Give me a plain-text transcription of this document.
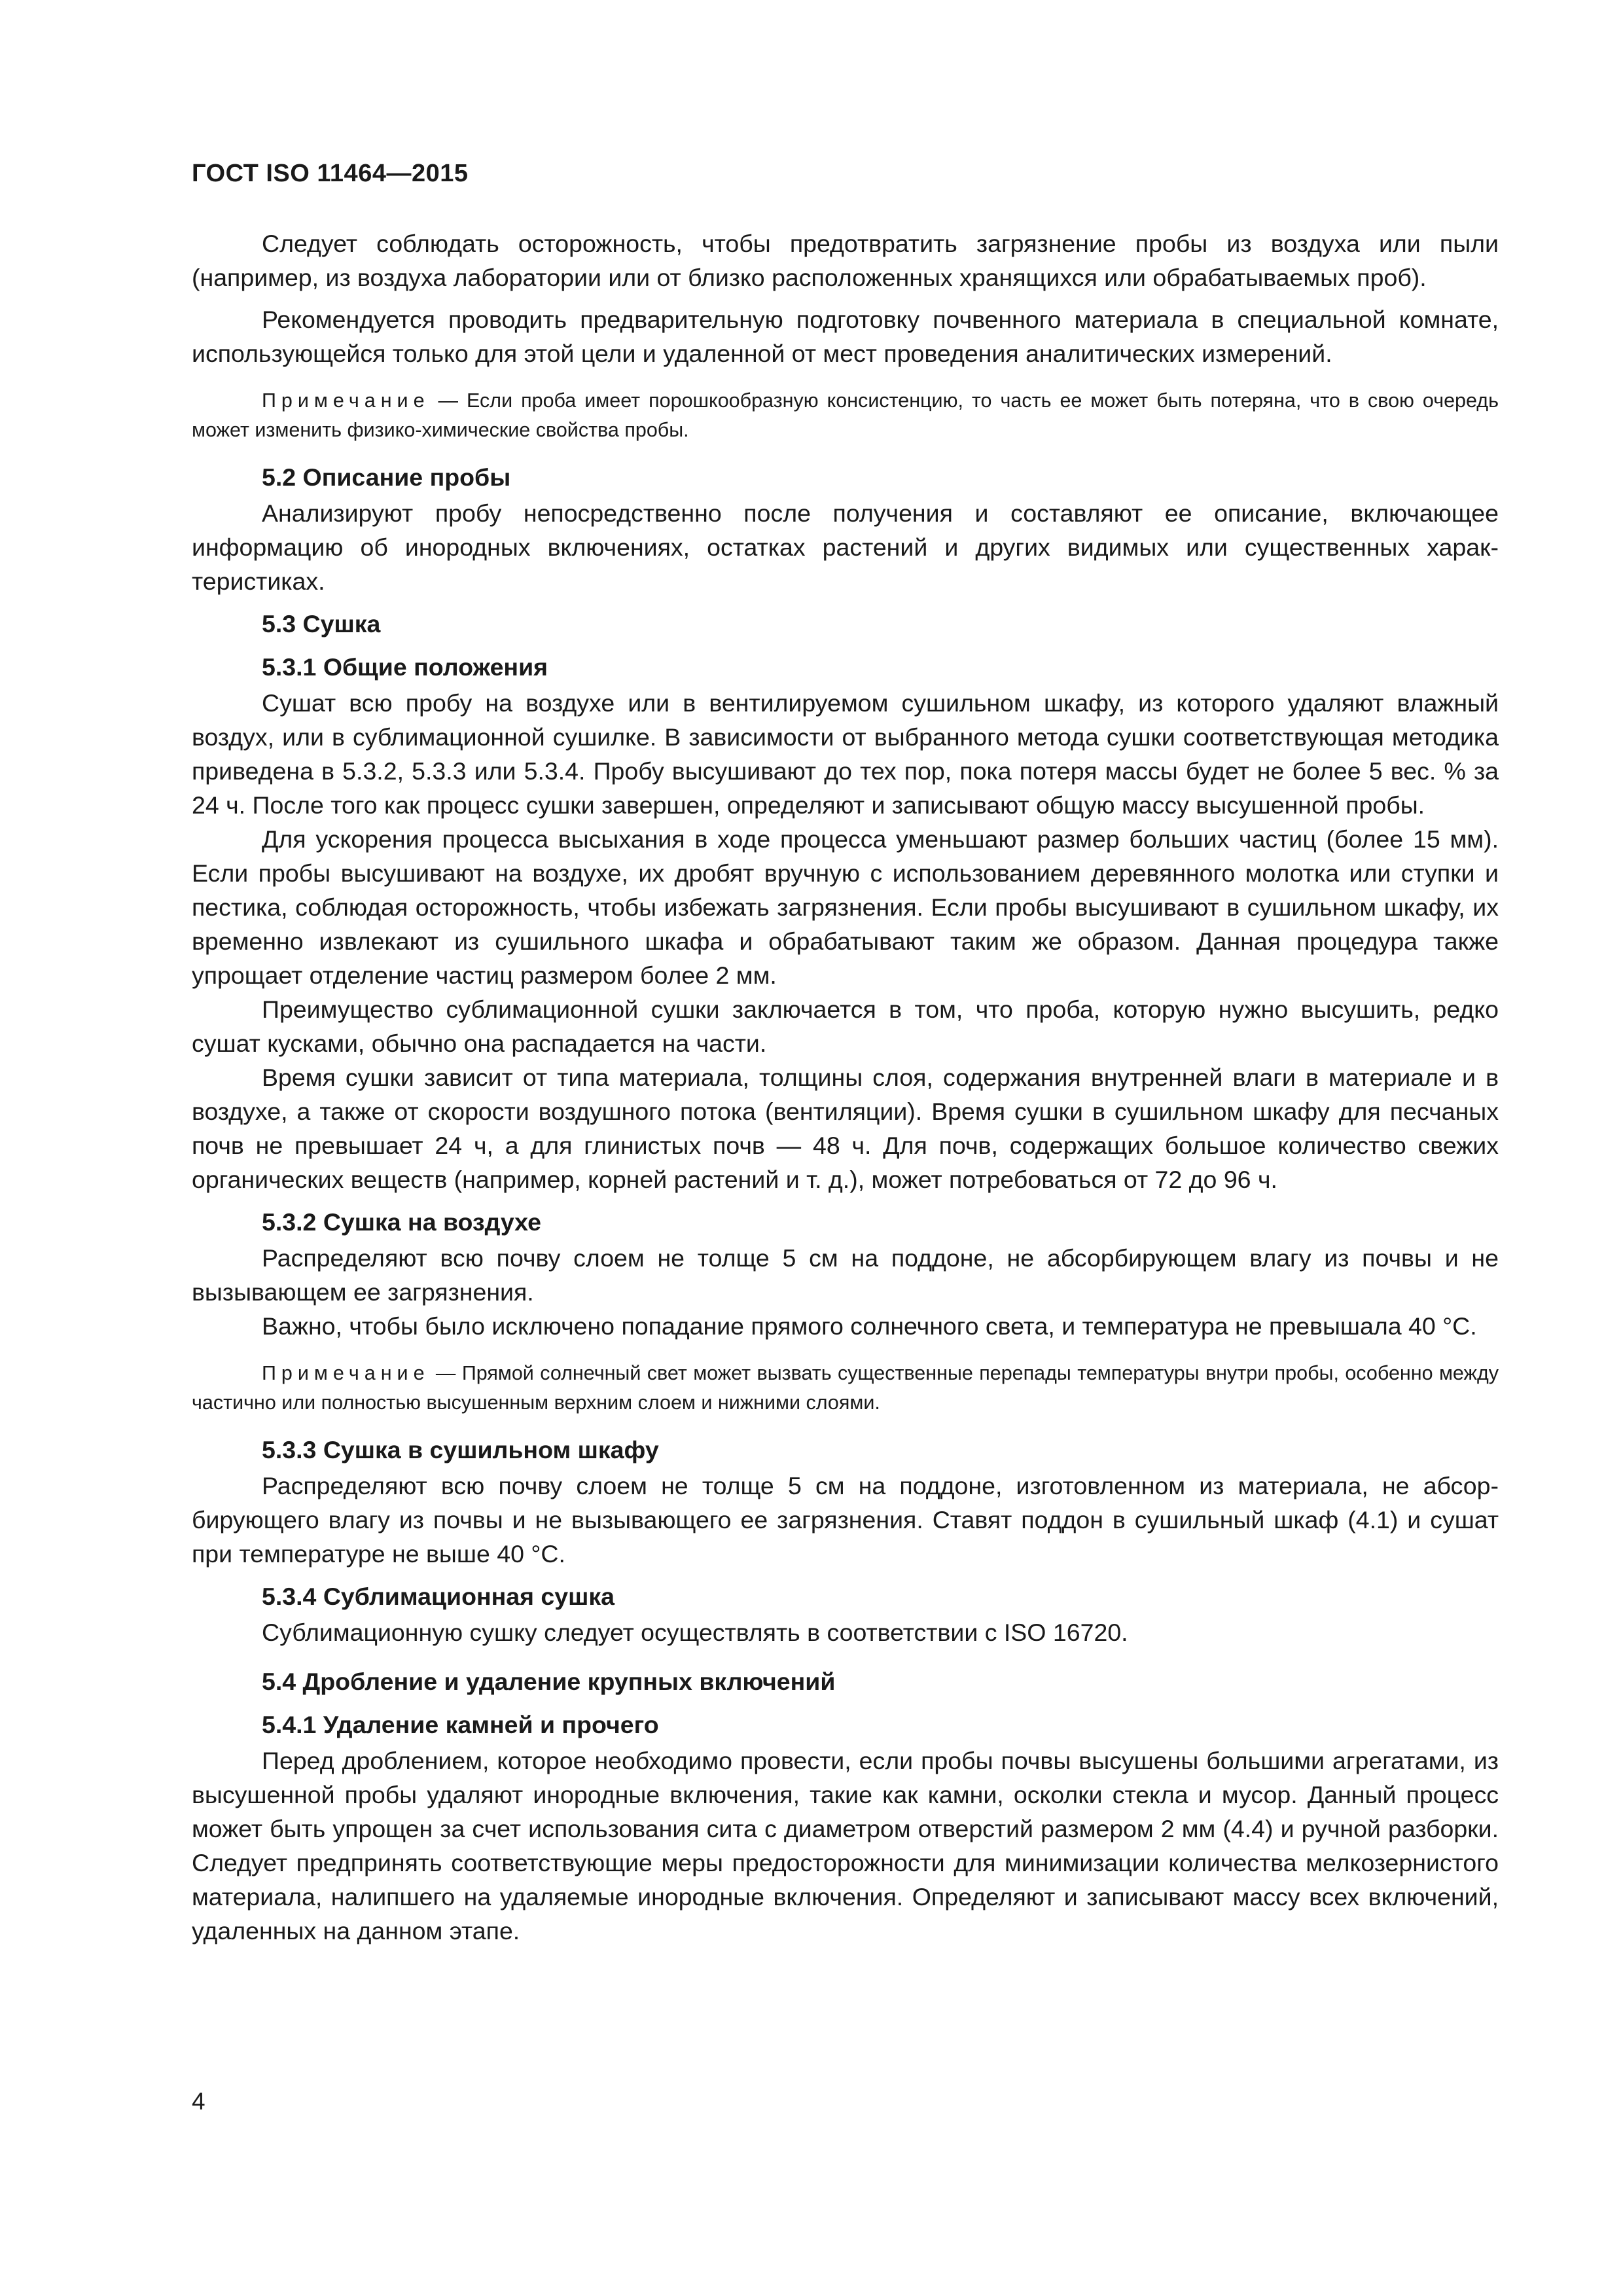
ГОСТ ISO 11464—2015

Следует соблюдать осторожность, чтобы предотвратить загрязнение пробы из воздуха или пыли (например, из воздуха лаборатории или от близко расположенных хранящихся или обрабатываемых проб).

Рекомендуется проводить предварительную подготовку почвенного материала в специальной комнате, использующейся только для этой цели и удаленной от мест проведения аналитических измерений.

Примечание — Если проба имеет порошкообразную консистенцию, то часть ее может быть потеряна, что в свою очередь может изменить физико-химические свойства пробы.
5.2 Описание пробы

Анализируют пробу непосредственно после получения и составляют ее описание, включающее информацию об инородных включениях, остатках растений и других видимых или существенных характеристиках.

5.3 Сушка
5.3.1 Общие положения

Сушат всю пробу на воздухе или в вентилируемом сушильном шкафу, из которого удаляют влажный воздух, или в сублимационной сушилке. В зависимости от выбранного метода сушки соответствующая методика приведена в 5.3.2, 5.3.3 или 5.3.4. Пробу высушивают до тех пор, пока потеря массы будет не более 5 вес. % за 24 ч. После того как процесс сушки завершен, определяют и записывают общую массу высушенной пробы.

Для ускорения процесса высыхания в ходе процесса уменьшают размер больших частиц (более 15 мм). Если пробы высушивают на воздухе, их дробят вручную с использованием деревянного молотка или ступки и пестика, соблюдая осторожность, чтобы избежать загрязнения. Если пробы высушивают в сушильном шкафу, их временно извлекают из сушильного шкафа и обрабатывают таким же образом. Данная процедура также упрощает отделение частиц размером более 2 мм.

Преимущество сублимационной сушки заключается в том, что проба, которую нужно высушить, редко сушат кусками, обычно она распадается на части.

Время сушки зависит от типа материала, толщины слоя, содержания внутренней влаги в материале и в воздухе, а также от скорости воздушного потока (вентиляции). Время сушки в сушильном шкафу для песчаных почв не превышает 24 ч, а для глинистых почв — 48 ч. Для почв, содержащих большое количество свежих органических веществ (например, корней растений и т. д.), может потребоваться от 72 до 96 ч.

5.3.2 Сушка на воздухе

Распределяют всю почву слоем не толще 5 см на поддоне, не абсорбирующем влагу из почвы и не вызывающем ее загрязнения.

Важно, чтобы было исключено попадание прямого солнечного света, и температура не превышала 40 °С.

Примечание — Прямой солнечный свет может вызвать существенные перепады температуры внутри пробы, особенно между частично или полностью высушенным верхним слоем и нижними слоями.
5.3.3 Сушка в сушильном шкафу

Распределяют всю почву слоем не толще 5 см на поддоне, изготовленном из материала, не абсорбирующего влагу из почвы и не вызывающего ее загрязнения. Ставят поддон в сушильный шкаф (4.1) и сушат при температуре не выше 40 °С.

5.3.4 Сублимационная сушка

Сублимационную сушку следует осуществлять в соответствии с ISO 16720.

5.4 Дробление и удаление крупных включений
5.4.1 Удаление камней и прочего

Перед дроблением, которое необходимо провести, если пробы почвы высушены большими агрегатами, из высушенной пробы удаляют инородные включения, такие как камни, осколки стекла и мусор. Данный процесс может быть упрощен за счет использования сита с диаметром отверстий размером 2 мм (4.4) и ручной разборки. Следует предпринять соответствующие меры предосторожности для минимизации количества мелкозернистого материала, налипшего на удаляемые инородные включения. Определяют и записывают массу всех включений, удаленных на данном этапе.

4
